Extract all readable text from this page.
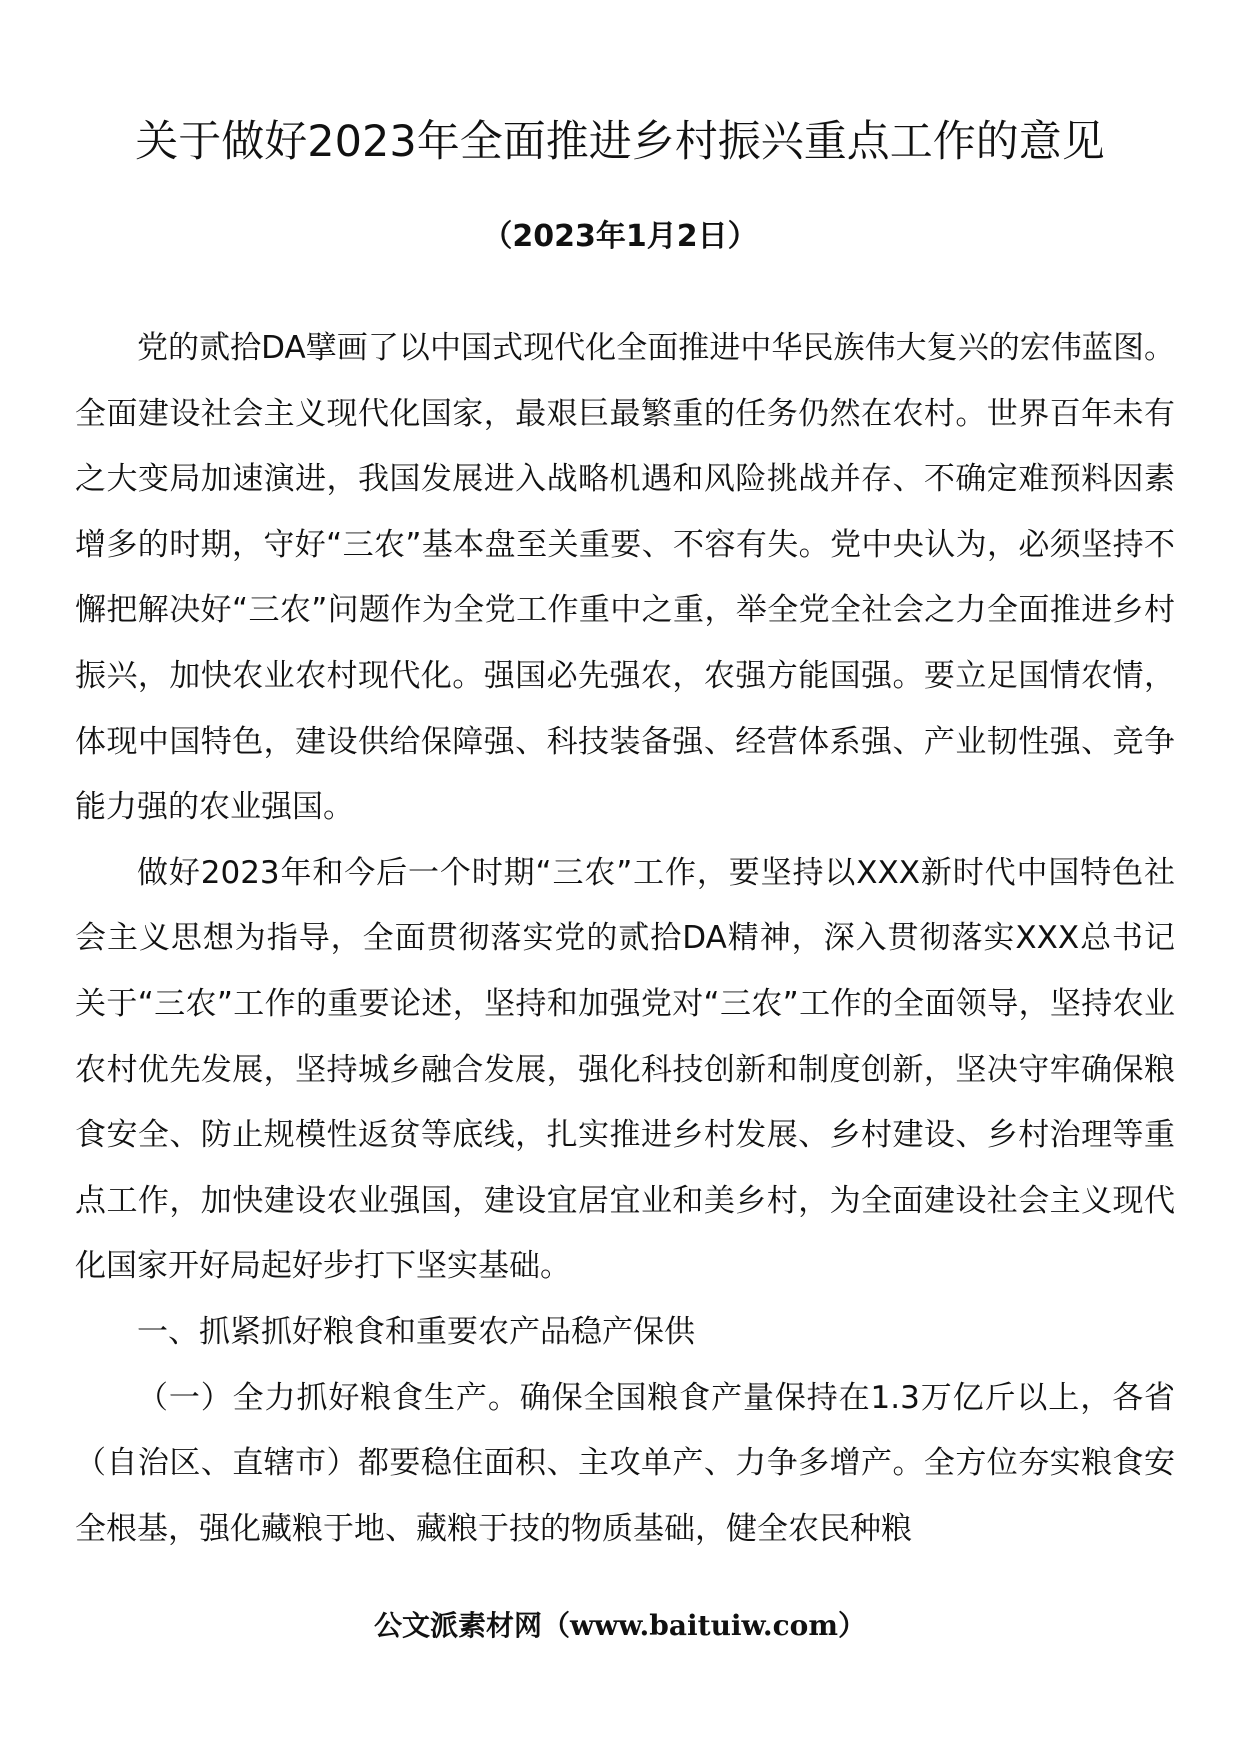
关于做好2023年全面推进乡村振兴重点工作的意见
（2023年1月2日）

党的贰拾DA擘画了以中国式现代化全面推进中华民族伟大复兴的宏伟蓝图。全面建设社会主义现代化国家，最艰巨最繁重的任务仍然在农村。世界百年未有之大变局加速演进，我国发展进入战略机遇和风险挑战并存、不确定难预料因素增多的时期，守好“三农”基本盘至关重要、不容有失。党中央认为，必须坚持不懈把解决好“三农”问题作为全党工作重中之重，举全党全社会之力全面推进乡村振兴，加快农业农村现代化。强国必先强农，农强方能国强。要立足国情农情，体现中国特色，建设供给保障强、科技装备强、经营体系强、产业韧性强、竞争能力强的农业强国。

做好2023年和今后一个时期“三农”工作，要坚持以XXX新时代中国特色社会主义思想为指导，全面贯彻落实党的贰拾DA精神，深入贯彻落实XXX总书记关于“三农”工作的重要论述，坚持和加强党对“三农”工作的全面领导，坚持农业农村优先发展，坚持城乡融合发展，强化科技创新和制度创新，坚决守牢确保粮食安全、防止规模性返贫等底线，扎实推进乡村发展、乡村建设、乡村治理等重点工作，加快建设农业强国，建设宜居宜业和美乡村，为全面建设社会主义现代化国家开好局起好步打下坚实基础。

一、抓紧抓好粮食和重要农产品稳产保供

（一）全力抓好粮食生产。确保全国粮食产量保持在1.3万亿斤以上，各省（自治区、直辖市）都要稳住面积、主攻单产、力争多增产。全方位夯实粮食安全根基，强化藏粮于地、藏粮于技的物质基础，健全农民种粮

公文派素材网（www.baituiw.com）
